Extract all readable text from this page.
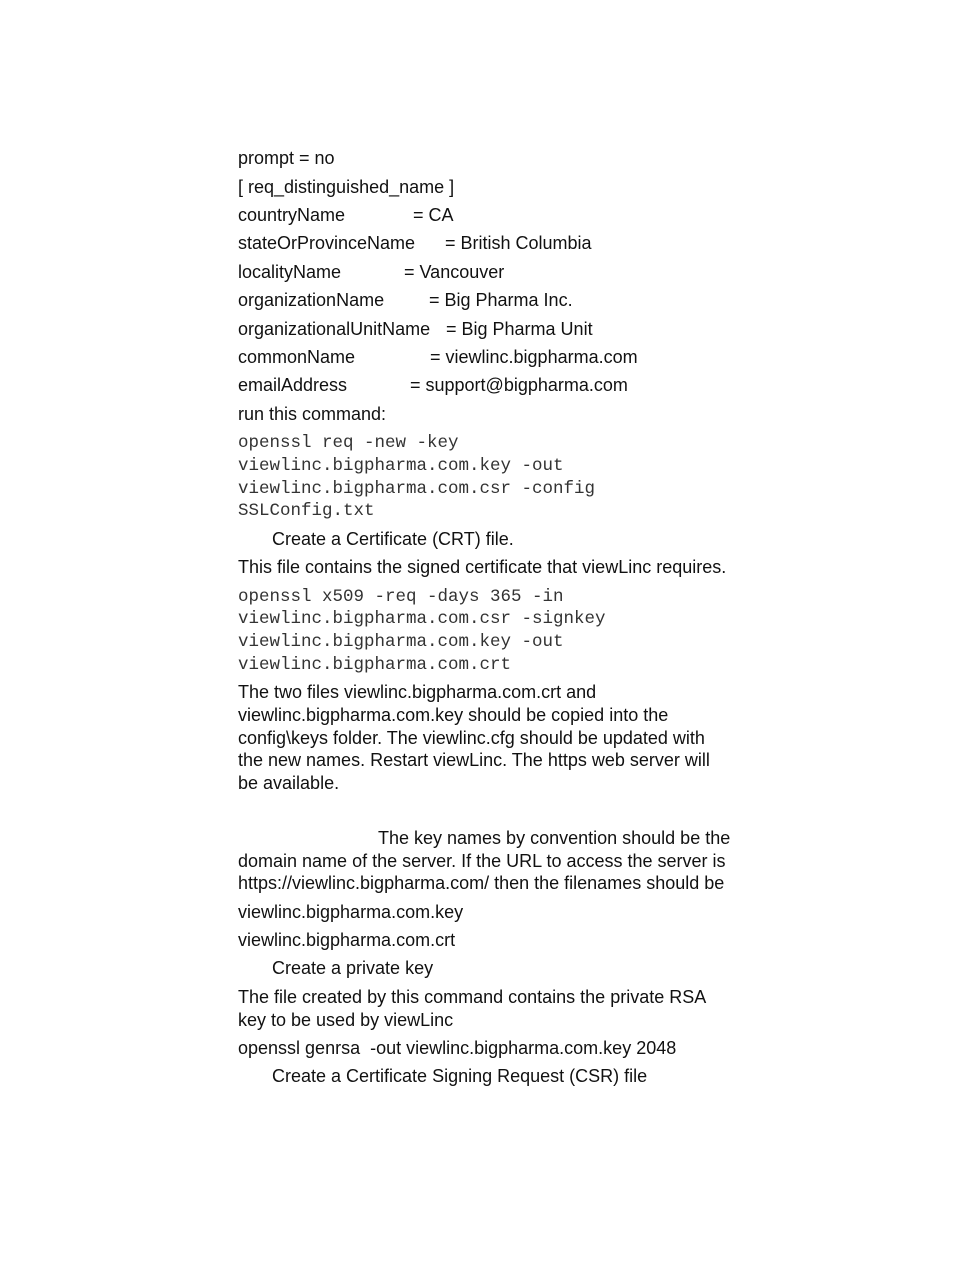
prompt = no

[ req_distinguished_name ]

countryName	= CA

stateOrProvinceName = British Columbia

localityName	= Vancouver

organizationName = Big Pharma Inc.

organizationalUnitName = Big Pharma Unit

commonName	= viewlinc.bigpharma.com

emailAddress	= support@bigpharma.com

run this command:

openssl req -new -key

viewlinc.bigpharma.com.key -out

viewlinc.bigpharma.com.csr -config

SSLConfig.txt

Create a Certificate (CRT) file.

This file contains the signed certificate that viewLinc requires.

openssl x509 -req -days 365 -in

viewlinc.bigpharma.com.csr -signkey

viewlinc.bigpharma.com.key -out

viewlinc.bigpharma.com.crt

The two files viewlinc.bigpharma.com.crt and

viewlinc.bigpharma.com.key should be copied into the

config\keys folder. The viewlinc.cfg should be updated with

the new names. Restart viewLinc. The https web server will

be available.

The key names by convention should be the

domain name of the server. If the URL to access the server is

https://viewlinc.bigpharma.com/ then the filenames should be

viewlinc.bigpharma.com.key

viewlinc.bigpharma.com.crt

Create a private key

The file created by this command contains the private RSA

key to be used by viewLinc

openssl genrsa  -out viewlinc.bigpharma.com.key 2048

Create a Certificate Signing Request (CSR) file
